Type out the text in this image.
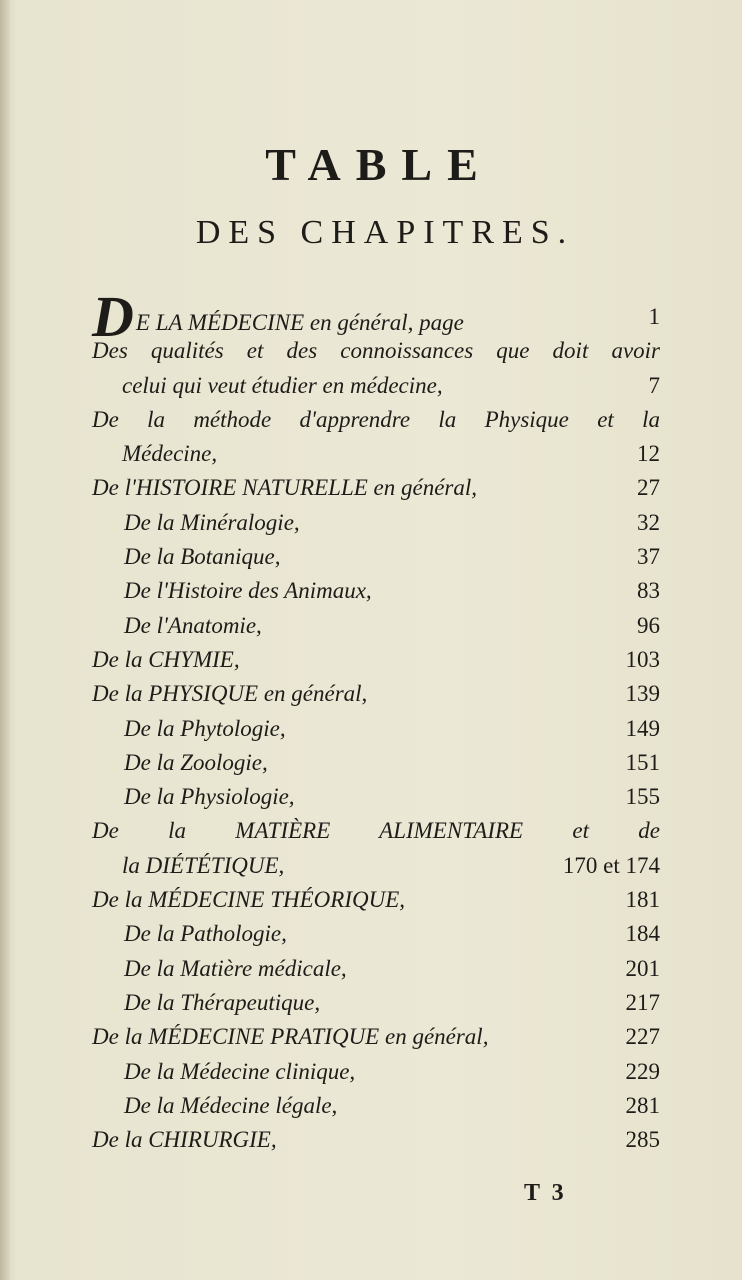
TABLE
DES CHAPITRES.
DE LA MÉDECINE en général, page	1
Des qualités et des connoissances que doit avoir
celui qui veut étudier en médecine,	7
De la méthode d'apprendre la Physique et la
Médecine,	12
De l'HISTOIRE NATURELLE en général,	27
De la Minéralogie,	32
De la Botanique,	37
De l'Histoire des Animaux,	83
De l'Anatomie,	96
De la CHYMIE,	103
De la PHYSIQUE en général,	139
De la Phytologie,	149
De la Zoologie,	151
De la Physiologie,	155
De la MATIÈRE ALIMENTAIRE et de
la DIÉTÉTIQUE,	170 et 174
De la MÉDECINE THÉORIQUE,	181
De la Pathologie,	184
De la Matière médicale,	201
De la Thérapeutique,	217
De la MÉDECINE PRATIQUE en général,	227
De la Médecine clinique,	229
De la Médecine légale,	281
De la CHIRURGIE,	285
T 3
